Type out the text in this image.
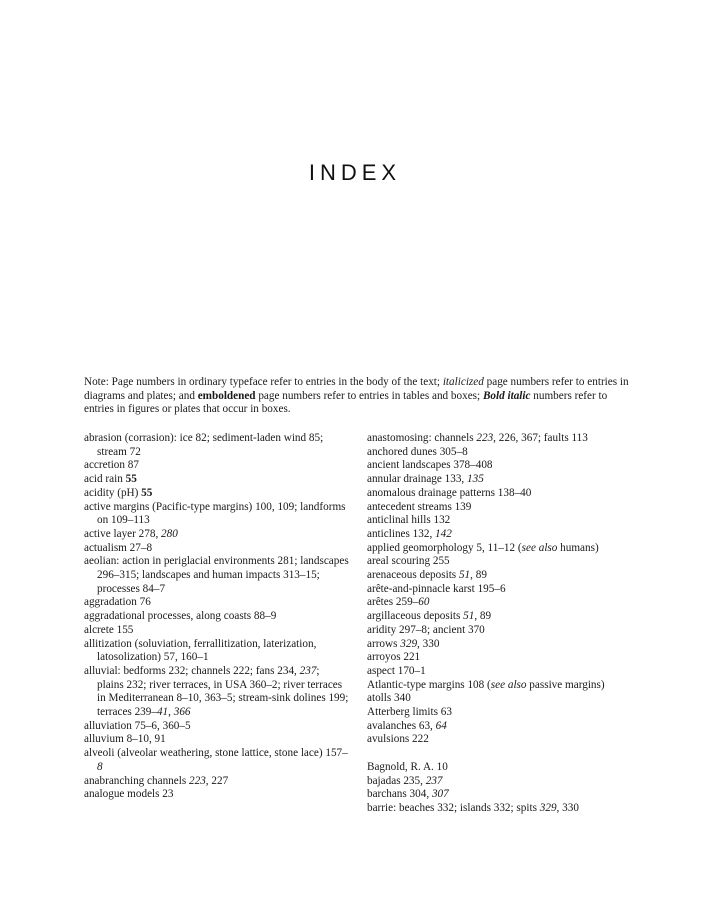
INDEX

Note: Page numbers in ordinary typeface refer to entries in the body of the text; italicized page numbers refer to entries in diagrams and plates; and emboldened page numbers refer to entries in tables and boxes; Bold italic numbers refer to entries in figures or plates that occur in boxes.

abrasion (corrasion): ice 82; sediment-laden wind 85; stream 72
accretion 87
acid rain 55
acidity (pH) 55
active margins (Pacific-type margins) 100, 109; landforms on 109–113
active layer 278, 280
actualism 27–8
aeolian: action in periglacial environments 281; landscapes 296–315; landscapes and human impacts 313–15; processes 84–7
aggradation 76
aggradational processes, along coasts 88–9
alcrete 155
allitization (soluviation, ferrallitization, laterization, latosolization) 57, 160–1
alluvial: bedforms 232; channels 222; fans 234, 237; plains 232; river terraces, in USA 360–2; river terraces in Mediterranean 8–10, 363–5; stream-sink dolines 199; terraces 239–41, 366
alluviation 75–6, 360–5
alluvium 8–10, 91
alveoli (alveolar weathering, stone lattice, stone lace) 157–8
anabranching channels 223, 227
analogue models 23
anastomosing: channels 223, 226, 367; faults 113
anchored dunes 305–8
ancient landscapes 378–408
annular drainage 133, 135
anomalous drainage patterns 138–40
antecedent streams 139
anticlinal hills 132
anticlines 132, 142
applied geomorphology 5, 11–12 (see also humans)
areal scouring 255
arenaceous deposits 51, 89
arête-and-pinnacle karst 195–6
arêtes 259–60
argillaceous deposits 51, 89
aridity 297–8; ancient 370
arrows 329, 330
arroyos 221
aspect 170–1
Atlantic-type margins 108 (see also passive margins)
atolls 340
Atterberg limits 63
avalanches 63, 64
avulsions 222
Bagnold, R. A. 10
bajadas 235, 237
barchans 304, 307
barrie: beaches 332; islands 332; spits 329, 330
